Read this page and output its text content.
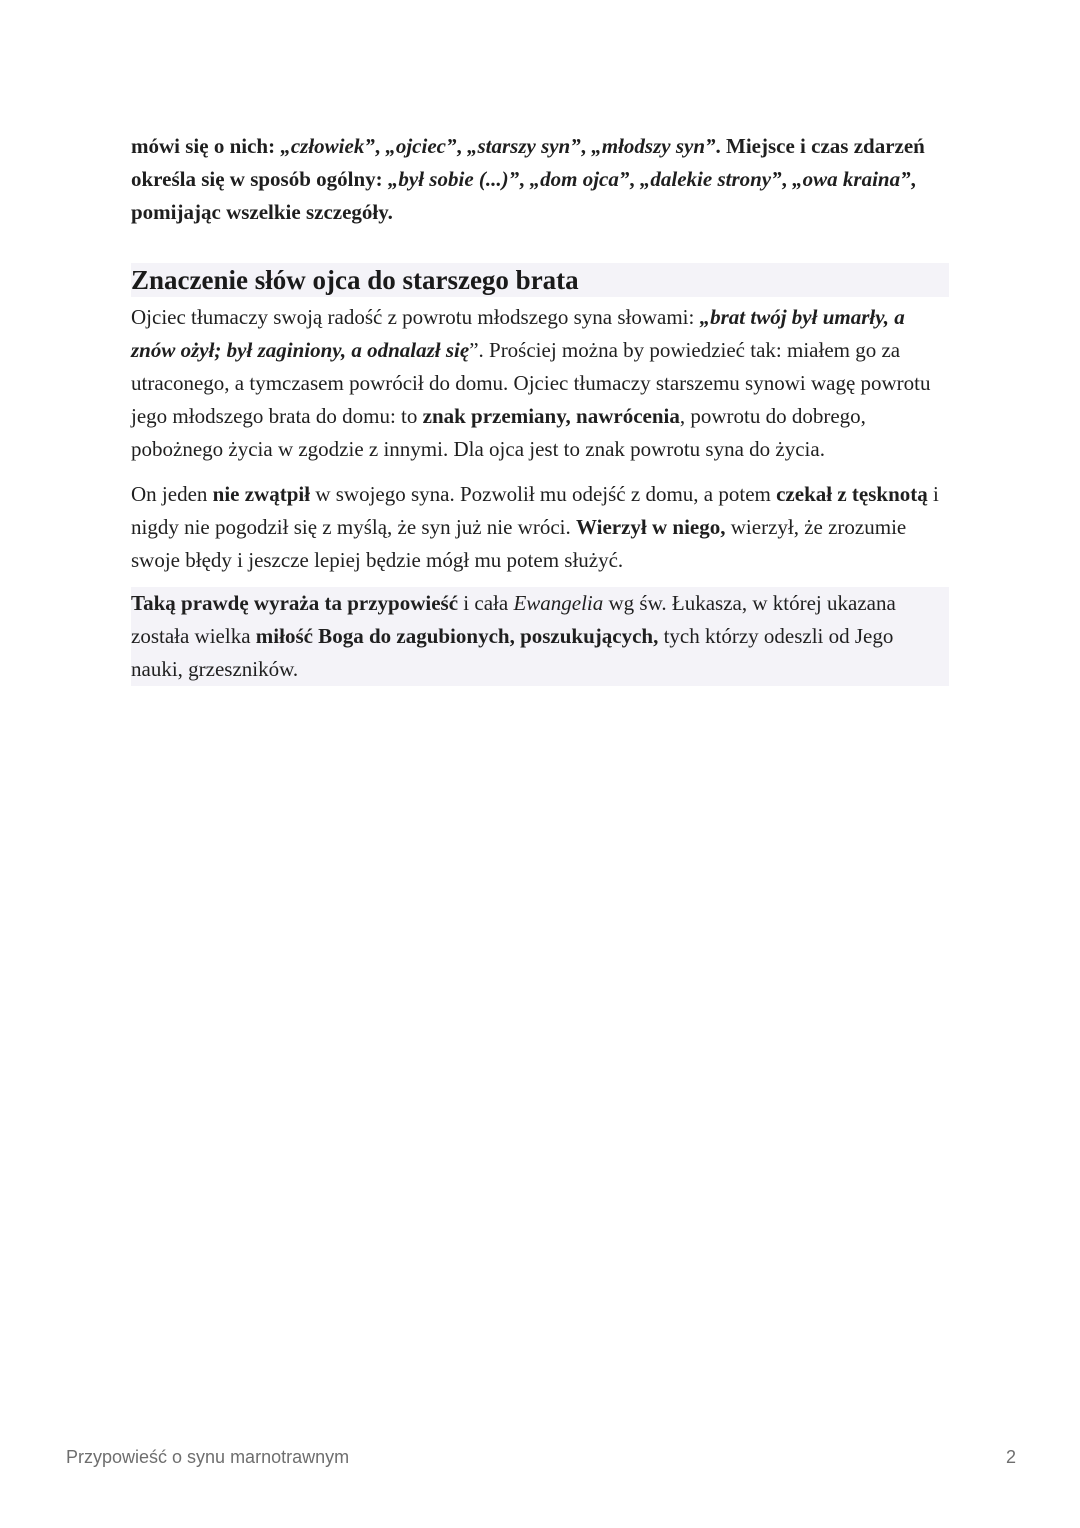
mówi się o nich: „człowiek”, „ojciec”, „starszy syn”, „młodszy syn”. Miejsce i czas zdarzeń określa się w sposób ogólny: „był sobie (...)”, „dom ojca”, „dalekie strony”, „owa kraina”, pomijając wszelkie szczegóły.

Znaczenie słów ojca do starszego brata

Ojciec tłumaczy swoją radość z powrotu młodszego syna słowami: „brat twój był umarły, a znów ożył; był zaginiony, a odnalazł się”. Prościej można by powiedzieć tak: miałem go za utraconego, a tymczasem powrócił do domu. Ojciec tłumaczy starszemu synowi wagę powrotu jego młodszego brata do domu: to znak przemiany, nawrócenia, powrotu do dobrego, pobożnego życia w zgodzie z innymi. Dla ojca jest to znak powrotu syna do życia.

On jeden nie zwątpił w swojego syna. Pozwolił mu odejść z domu, a potem czekał z tęsknotą i nigdy nie pogodził się z myślą, że syn już nie wróci. Wierzył w niego, wierzył, że zrozumie swoje błędy i jeszcze lepiej będzie mógł mu potem służyć.

Taką prawdę wyraża ta przypowieść i cała Ewangelia wg św. Łukasza, w której ukazana została wielka miłość Boga do zagubionych, poszukujących, tych którzy odeszli od Jego nauki, grzeszników.

Przypowieść o synu marnotrawnym	2
